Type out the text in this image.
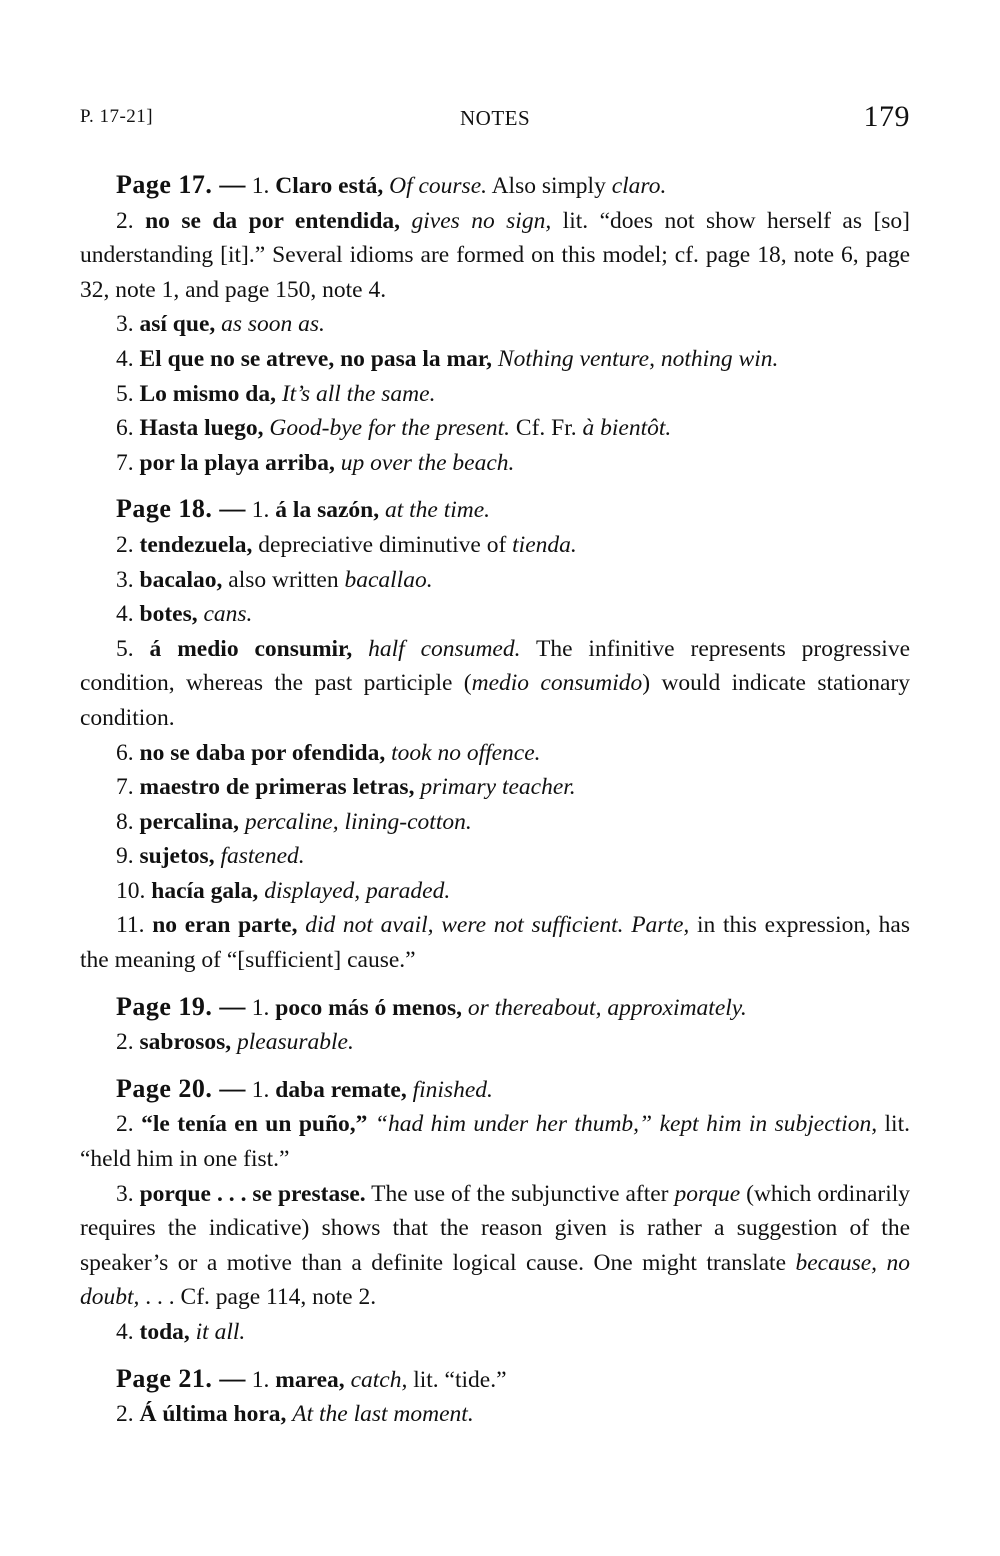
P. 17-21]	NOTES	179

Page 17. — 1. Claro está, Of course. Also simply claro.

2. no se da por entendida, gives no sign, lit. “does not show herself as [so] understanding [it].” Several idioms are formed on this model; cf. page 18, note 6, page 32, note 1, and page 150, note 4.

3. así que, as soon as.

4. El que no se atreve, no pasa la mar, Nothing venture, nothing win.

5. Lo mismo da, It’s all the same.

6. Hasta luego, Good-bye for the present. Cf. Fr. à bientôt.

7. por la playa arriba, up over the beach.

Page 18. — 1. á la sazón, at the time.

2. tendezuela, depreciative diminutive of tienda.

3. bacalao, also written bacallao.

4. botes, cans.

5. á medio consumir, half consumed. The infinitive represents progressive condition, whereas the past participle (medio consumido) would indicate stationary condition.

6. no se daba por ofendida, took no offence.

7. maestro de primeras letras, primary teacher.

8. percalina, percaline, lining-cotton.

9. sujetos, fastened.

10. hacía gala, displayed, paraded.

11. no eran parte, did not avail, were not sufficient. Parte, in this expression, has the meaning of “[sufficient] cause.”

Page 19. — 1. poco más ó menos, or thereabout, approximately.

2. sabrosos, pleasurable.

Page 20. — 1. daba remate, finished.

2. “le tenía en un puño,” “had him under her thumb,” kept him in subjection, lit. “held him in one fist.”

3. porque . . . se prestase. The use of the subjunctive after porque (which ordinarily requires the indicative) shows that the reason given is rather a suggestion of the speaker’s or a motive than a definite logical cause. One might translate because, no doubt, . . . Cf. page 114, note 2.

4. toda, it all.

Page 21. — 1. marea, catch, lit. “tide.”

2. Á última hora, At the last moment.
